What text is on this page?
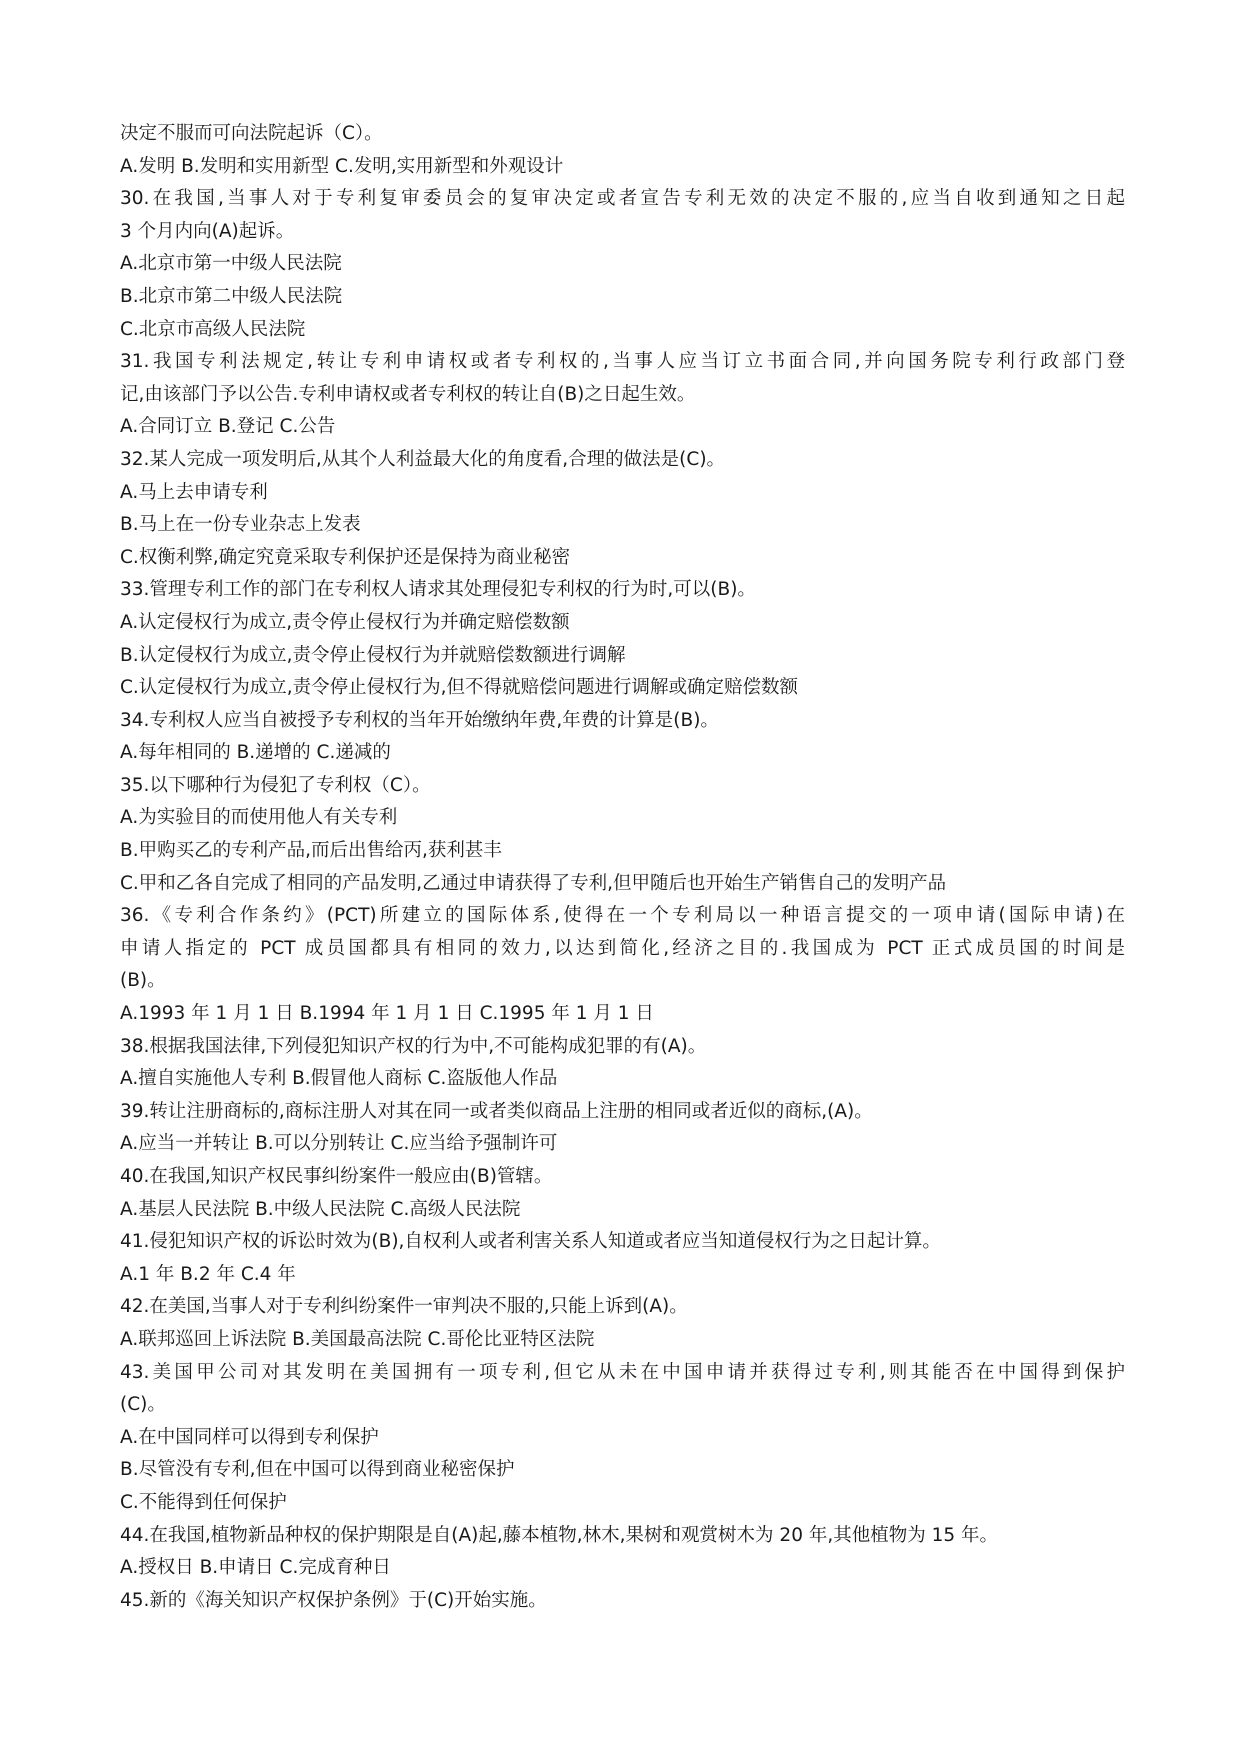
决定不服而可向法院起诉（C）。
A.发明 B.发明和实用新型 C.发明,实用新型和外观设计
30.在我国,当事人对于专利复审委员会的复审决定或者宣告专利无效的决定不服的,应当自收到通知之日起
3 个月内向(A)起诉。
A.北京市第一中级人民法院
B.北京市第二中级人民法院
C.北京市高级人民法院
31.我国专利法规定,转让专利申请权或者专利权的,当事人应当订立书面合同,并向国务院专利行政部门登
记,由该部门予以公告.专利申请权或者专利权的转让自(B)之日起生效。
A.合同订立 B.登记 C.公告
32.某人完成一项发明后,从其个人利益最大化的角度看,合理的做法是(C)。
A.马上去申请专利
B.马上在一份专业杂志上发表
C.权衡利弊,确定究竟采取专利保护还是保持为商业秘密
33.管理专利工作的部门在专利权人请求其处理侵犯专利权的行为时,可以(B)。
A.认定侵权行为成立,责令停止侵权行为并确定赔偿数额
B.认定侵权行为成立,责令停止侵权行为并就赔偿数额进行调解
C.认定侵权行为成立,责令停止侵权行为,但不得就赔偿问题进行调解或确定赔偿数额
34.专利权人应当自被授予专利权的当年开始缴纳年费,年费的计算是(B)。
A.每年相同的 B.递增的 C.递减的
35.以下哪种行为侵犯了专利权（C）。
A.为实验目的而使用他人有关专利
B.甲购买乙的专利产品,而后出售给丙,获利甚丰
C.甲和乙各自完成了相同的产品发明,乙通过申请获得了专利,但甲随后也开始生产销售自己的发明产品
36.《专利合作条约》(PCT)所建立的国际体系,使得在一个专利局以一种语言提交的一项申请(国际申请)在
申请人指定的 PCT 成员国都具有相同的效力,以达到简化,经济之目的.我国成为 PCT 正式成员国的时间是
(B)。
A.1993 年 1 月 1 日 B.1994 年 1 月 1 日 C.1995 年 1 月 1 日
38.根据我国法律,下列侵犯知识产权的行为中,不可能构成犯罪的有(A)。
A.擅自实施他人专利 B.假冒他人商标 C.盗版他人作品
39.转让注册商标的,商标注册人对其在同一或者类似商品上注册的相同或者近似的商标,(A)。
A.应当一并转让 B.可以分别转让 C.应当给予强制许可
40.在我国,知识产权民事纠纷案件一般应由(B)管辖。
A.基层人民法院 B.中级人民法院 C.高级人民法院
41.侵犯知识产权的诉讼时效为(B),自权利人或者利害关系人知道或者应当知道侵权行为之日起计算。
A.1 年 B.2 年 C.4 年
42.在美国,当事人对于专利纠纷案件一审判决不服的,只能上诉到(A)。
A.联邦巡回上诉法院 B.美国最高法院 C.哥伦比亚特区法院
43.美国甲公司对其发明在美国拥有一项专利,但它从未在中国申请并获得过专利,则其能否在中国得到保护
(C)。
A.在中国同样可以得到专利保护
B.尽管没有专利,但在中国可以得到商业秘密保护
C.不能得到任何保护
44.在我国,植物新品种权的保护期限是自(A)起,藤本植物,林木,果树和观赏树木为 20 年,其他植物为 15 年。
A.授权日 B.申请日 C.完成育种日
45.新的《海关知识产权保护条例》于(C)开始实施。
